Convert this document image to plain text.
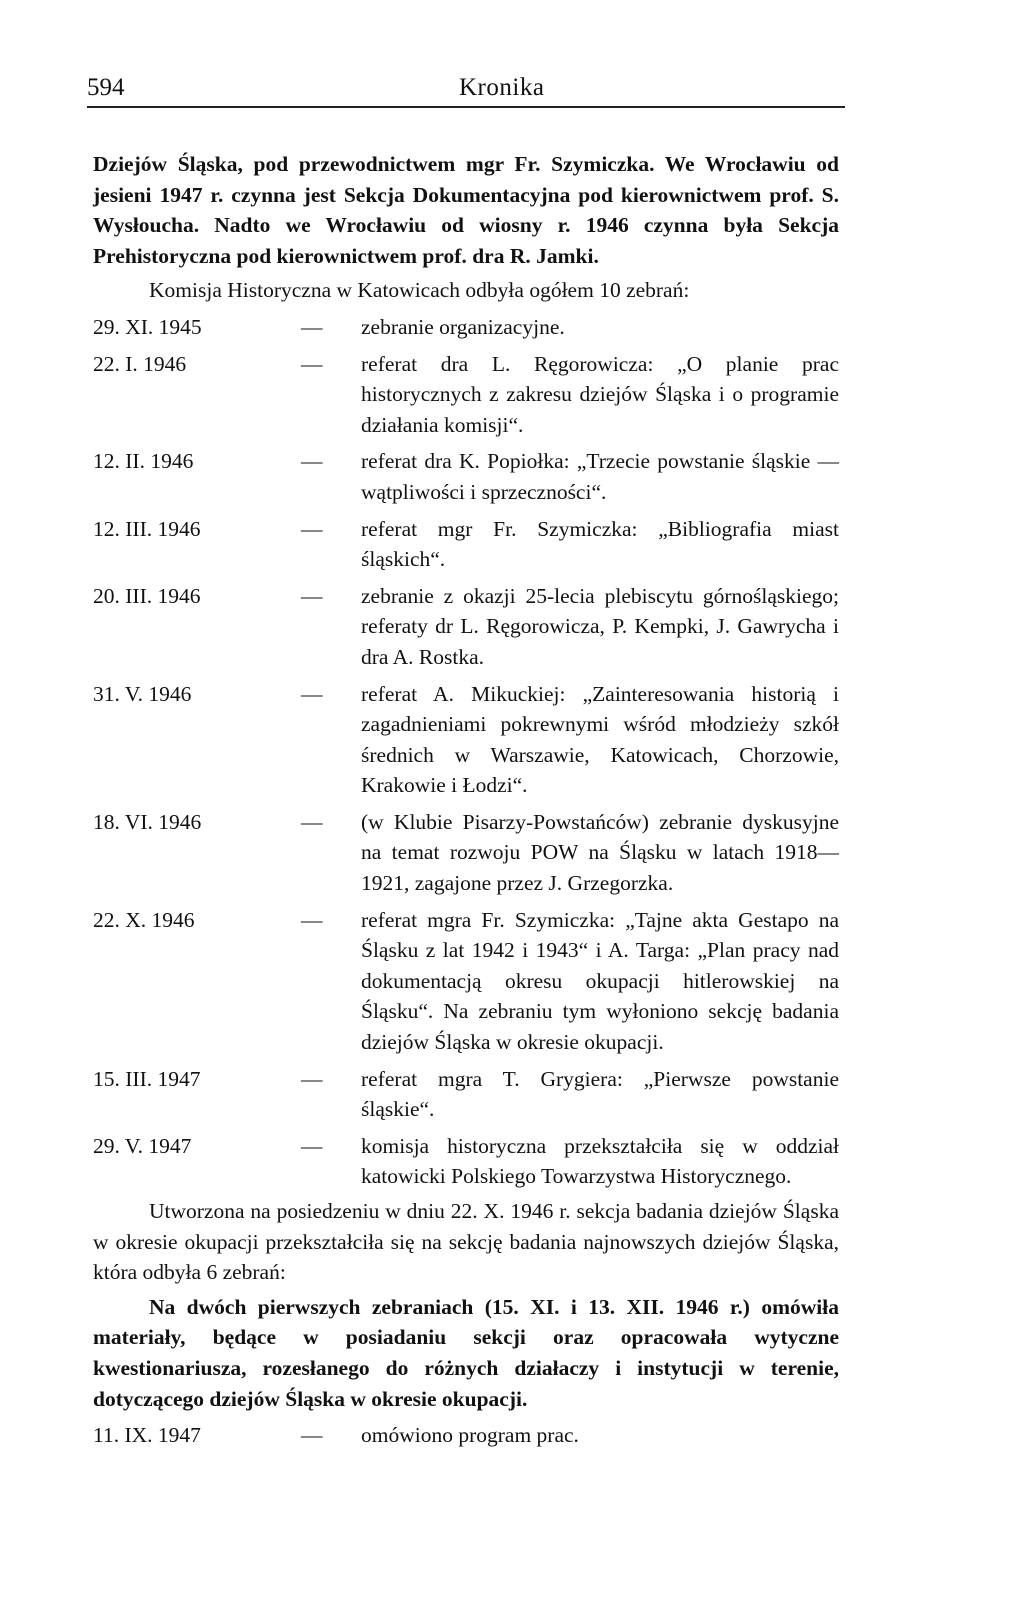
594	Kronika

Dziejów Śląska, pod przewodnictwem mgr Fr. Szymiczka. We Wrocławiu od jesieni 1947 r. czynna jest Sekcja Dokumentacyjna pod kierownictwem prof. S. Wysłoucha. Nadto we Wrocławiu od wiosny r. 1946 czynna była Sekcja Prehistoryczna pod kierownictwem prof. dra R. Jamki.

Komisja Historyczna w Katowicach odbyła ogółem 10 zebrań:

29. XI. 1945	—	zebranie organizacyjne.
22. I. 1946	—	referat dra L. Ręgorowicza: „O planie prac historycznych z zakresu dziejów Śląska i o programie działania komisji“.
12. II. 1946	—	referat dra K. Popiołka: „Trzecie powstanie śląskie — wątpliwości i sprzeczności“.
12. III. 1946	—	referat mgr Fr. Szymiczka: „Bibliografia miast śląskich“.
20. III. 1946	—	zebranie z okazji 25-lecia plebiscytu górnośląskiego; referaty dr L. Ręgorowicza, P. Kempki, J. Gawrycha i dra A. Rostka.
31. V. 1946	—	referat A. Mikuckiej: „Zainteresowania historią i zagadnieniami pokrewnymi wśród młodzieży szkół średnich w Warszawie, Katowicach, Chorzowie, Krakowie i Łodzi“.
18. VI. 1946	—	(w Klubie Pisarzy-Powstańców) zebranie dyskusyjne na temat rozwoju POW na Śląsku w latach 1918—1921, zagajone przez J. Grzegorzka.
22. X. 1946	—	referat mgra Fr. Szymiczka: „Tajne akta Gestapo na Śląsku z lat 1942 i 1943“ i A. Targa: „Plan pracy nad dokumentacją okresu okupacji hitlerowskiej na Śląsku“. Na zebraniu tym wyłoniono sekcję badania dziejów Śląska w okresie okupacji.
15. III. 1947	—	referat mgra T. Grygiera: „Pierwsze powstanie śląskie“.
29. V. 1947	—	komisja historyczna przekształciła się w oddział katowicki Polskiego Towarzystwa Historycznego.

Utworzona na posiedzeniu w dniu 22. X. 1946 r. sekcja badania dziejów Śląska w okresie okupacji przekształciła się na sekcję badania najnowszych dziejów Śląska, która odbyła 6 zebrań:

Na dwóch pierwszych zebraniach (15. XI. i 13. XII. 1946 r.) omówiła materiały, będące w posiadaniu sekcji oraz opracowała wytyczne kwestionariusza, rozesłanego do różnych działaczy i instytucji w terenie, dotyczącego dziejów Śląska w okresie okupacji.

11. IX. 1947	—	omówiono program prac.
